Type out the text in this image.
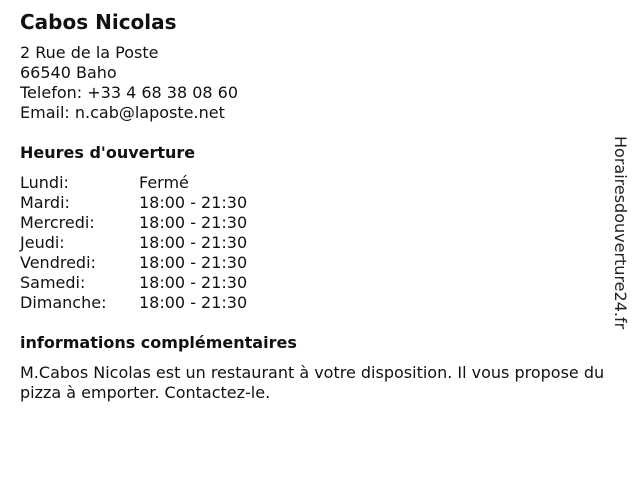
Cabos Nicolas
2 Rue de la Poste
66540 Baho
Telefon: +33 4 68 38 08 60
Email: n.cab@laposte.net
Heures d'ouverture
Lundi:	Fermé
Mardi:	18:00 - 21:30
Mercredi:	18:00 - 21:30
Jeudi:	18:00 - 21:30
Vendredi:	18:00 - 21:30
Samedi:	18:00 - 21:30
Dimanche:	18:00 - 21:30
informations complémentaires

M.Cabos Nicolas est un restaurant à votre disposition. Il vous propose du pizza à emporter. Contactez-le.

Horairesdouverture24.fr
